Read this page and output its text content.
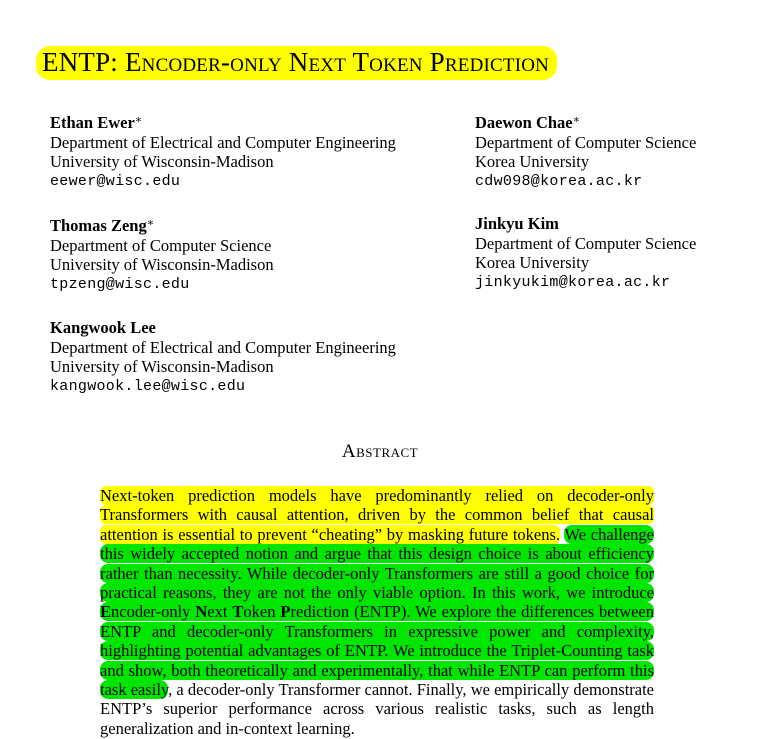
ENTP: Encoder-only Next Token Prediction
Ethan Ewer∗
Department of Electrical and Computer Engineering
University of Wisconsin-Madison
eewer@wisc.edu
Daewon Chae∗
Department of Computer Science
Korea University
cdw098@korea.ac.kr
Thomas Zeng∗
Department of Computer Science
University of Wisconsin-Madison
tpzeng@wisc.edu
Jinkyu Kim
Department of Computer Science
Korea University
jinkyukim@korea.ac.kr
Kangwook Lee
Department of Electrical and Computer Engineering
University of Wisconsin-Madison
kangwook.lee@wisc.edu
Abstract

Next-token prediction models have predominantly relied on decoder-only Transformers with causal attention, driven by the common belief that causal attention is essential to prevent “cheating” by masking future tokens. We challenge this widely accepted notion and argue that this design choice is about efficiency rather than necessity. While decoder-only Transformers are still a good choice for practical reasons, they are not the only viable option. In this work, we introduce Encoder-only Next Token Prediction (ENTP). We explore the differences between ENTP and decoder-only Transformers in expressive power and complexity, highlighting potential advantages of ENTP. We introduce the Triplet-Counting task and show, both theoretically and experimentally, that while ENTP can perform this task easily, a decoder-only Transformer cannot. Finally, we empirically demonstrate ENTP’s superior performance across various realistic tasks, such as length generalization and in-context learning.
